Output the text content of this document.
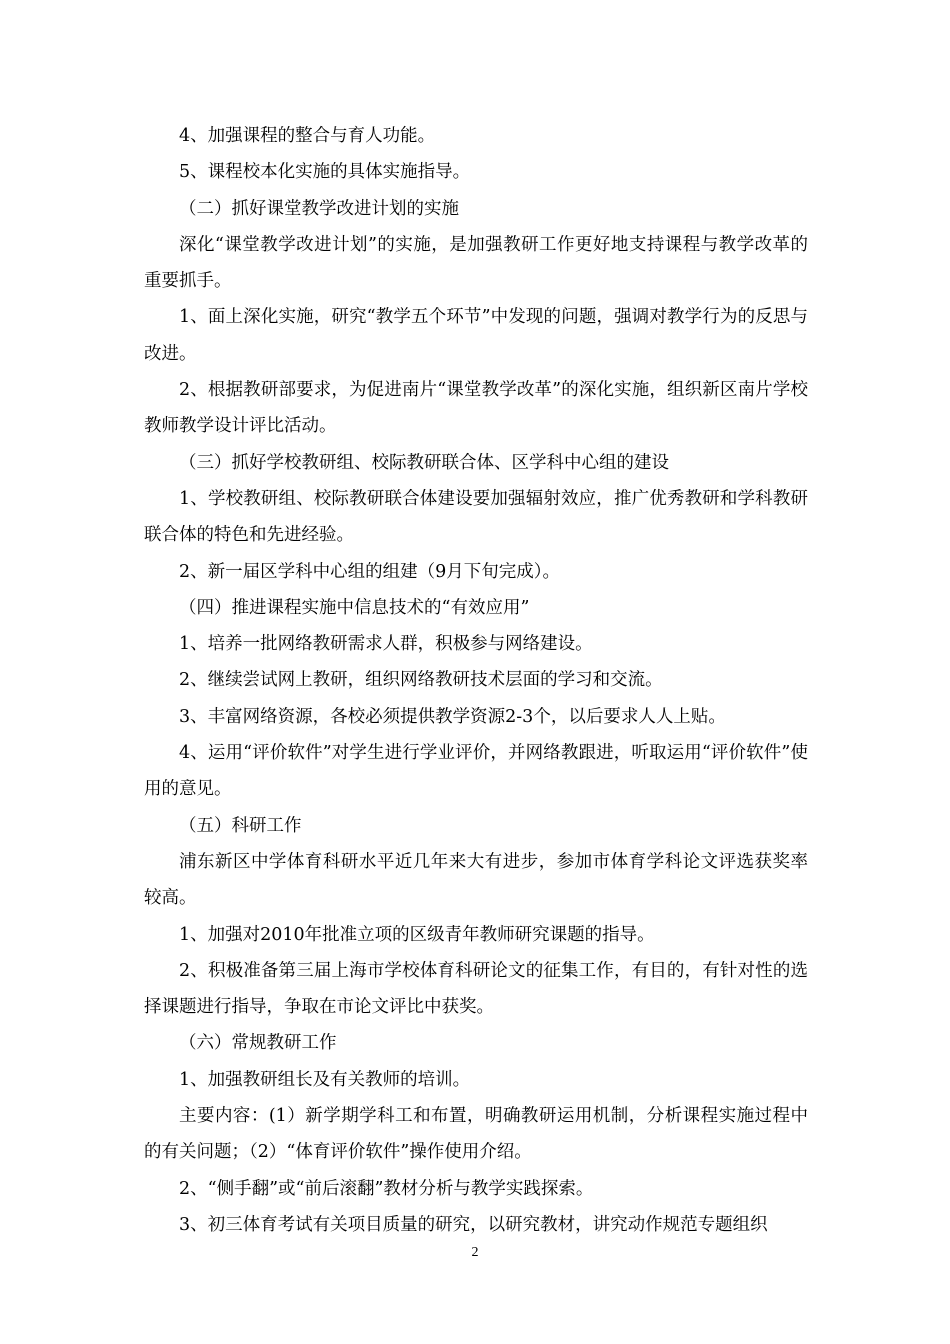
4、加强课程的整合与育人功能。

5、课程校本化实施的具体实施指导。

（二）抓好课堂教学改进计划的实施

深化“课堂教学改进计划”的实施，是加强教研工作更好地支持课程与教学改革的重要抓手。

1、面上深化实施，研究“教学五个环节”中发现的问题，强调对教学行为的反思与改进。

2、根据教研部要求，为促进南片“课堂教学改革”的深化实施，组织新区南片学校教师教学设计评比活动。

（三）抓好学校教研组、校际教研联合体、区学科中心组的建设

1、学校教研组、校际教研联合体建设要加强辐射效应，推广优秀教研和学科教研联合体的特色和先进经验。

2、新一届区学科中心组的组建（9月下旬完成）。

（四）推进课程实施中信息技术的“有效应用”

1、培养一批网络教研需求人群，积极参与网络建设。

2、继续尝试网上教研，组织网络教研技术层面的学习和交流。

3、丰富网络资源，各校必须提供教学资源2-3个，以后要求人人上贴。

4、运用“评价软件”对学生进行学业评价，并网络教跟进，听取运用“评价软件”使用的意见。

（五）科研工作

浦东新区中学体育科研水平近几年来大有进步，参加市体育学科论文评选获奖率较高。

1、加强对2010年批准立项的区级青年教师研究课题的指导。

2、积极准备第三届上海市学校体育科研论文的征集工作，有目的，有针对性的选择课题进行指导，争取在市论文评比中获奖。

（六）常规教研工作

1、加强教研组长及有关教师的培训。

主要内容：(1）新学期学科工和布置，明确教研运用机制，分析课程实施过程中的有关问题；（2）“体育评价软件”操作使用介绍。

2、“侧手翻”或“前后滚翻”教材分析与教学实践探索。

3、初三体育考试有关项目质量的研究，以研究教材，讲究动作规范专题组织

2
